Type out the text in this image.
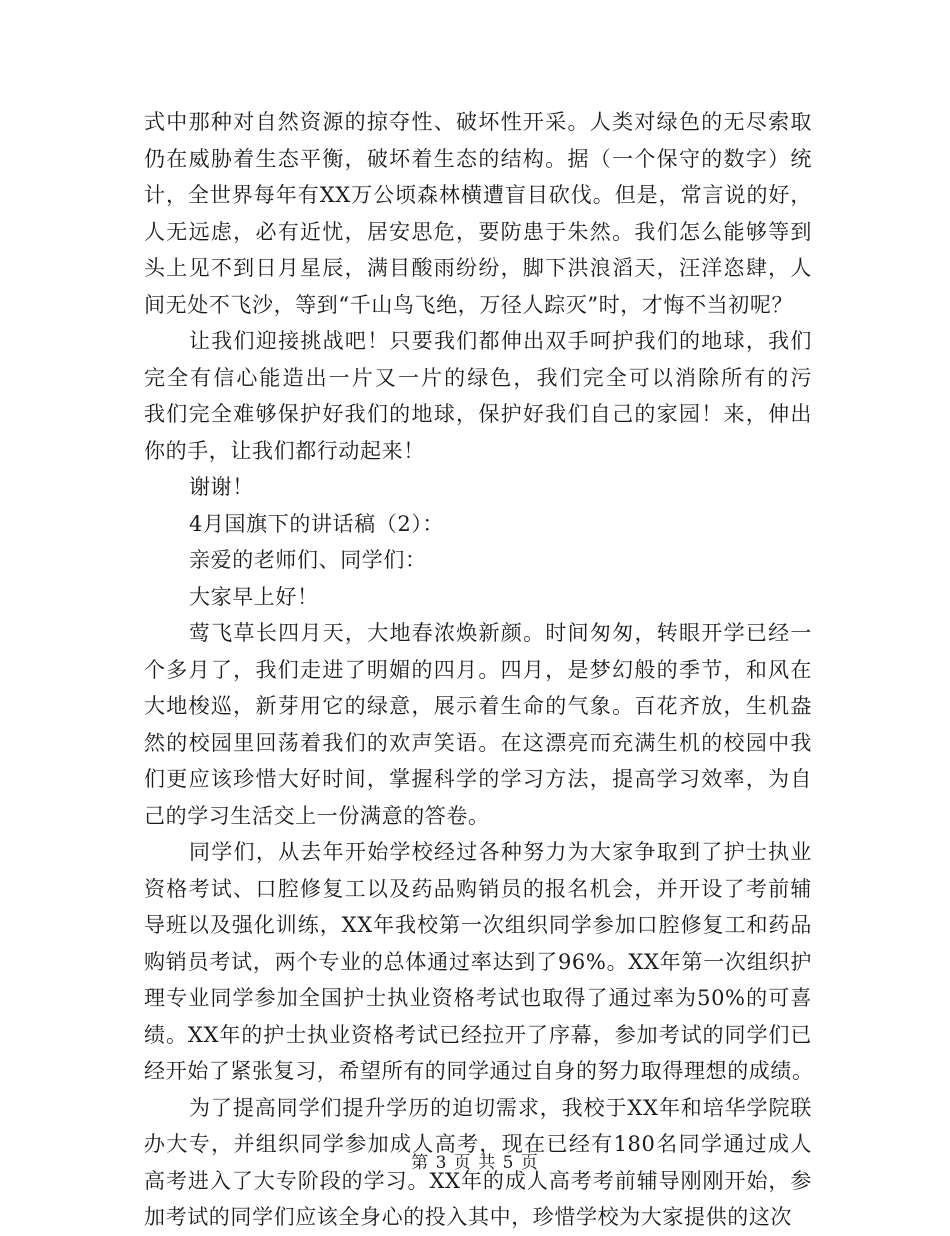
式中那种对自然资源的掠夺性、破坏性开采。人类对绿色的无尽索取
仍在威胁着生态平衡，破坏着生态的结构。据（一个保守的数字）统
计，全世界每年有XX万公顷森林横遭盲目砍伐。但是，常言说的好，
人无远虑，必有近忧，居安思危，要防患于朱然。我们怎么能够等到
头上见不到日月星辰，满目酸雨纷纷，脚下洪浪滔天，汪洋恣肆，人
间无处不飞沙，等到“千山鸟飞绝，万径人踪灭”时，才悔不当初呢？
让我们迎接挑战吧！只要我们都伸出双手呵护我们的地球，我们
完全有信心能造出一片又一片的绿色，我们完全可以消除所有的污
我们完全难够保护好我们的地球，保护好我们自己的家园！来，伸出
你的手，让我们都行动起来！
谢谢！
4月国旗下的讲话稿（2）：
亲爱的老师们、同学们：
大家早上好！
莺飞草长四月天，大地春浓焕新颜。时间匆匆，转眼开学已经一
个多月了，我们走进了明媚的四月。四月，是梦幻般的季节，和风在
大地梭巡，新芽用它的绿意，展示着生命的气象。百花齐放，生机盎
然的校园里回荡着我们的欢声笑语。在这漂亮而充满生机的校园中我
们更应该珍惜大好时间，掌握科学的学习方法，提高学习效率，为自
己的学习生活交上一份满意的答卷。
同学们，从去年开始学校经过各种努力为大家争取到了护士执业
资格考试、口腔修复工以及药品购销员的报名机会，并开设了考前辅
导班以及强化训练，XX年我校第一次组织同学参加口腔修复工和药品
购销员考试，两个专业的总体通过率达到了96%。XX年第一次组织护
理专业同学参加全国护士执业资格考试也取得了通过率为50%的可喜
绩。XX年的护士执业资格考试已经拉开了序幕，参加考试的同学们已
经开始了紧张复习，希望所有的同学通过自身的努力取得理想的成绩。
为了提高同学们提升学历的迫切需求，我校于XX年和培华学院联
办大专，并组织同学参加成人高考，现在已经有180名同学通过成人
高考进入了大专阶段的学习。XX年的成人高考考前辅导刚刚开始，参
加考试的同学们应该全身心的投入其中，珍惜学校为大家提供的这次
第 3 页 共 5 页
